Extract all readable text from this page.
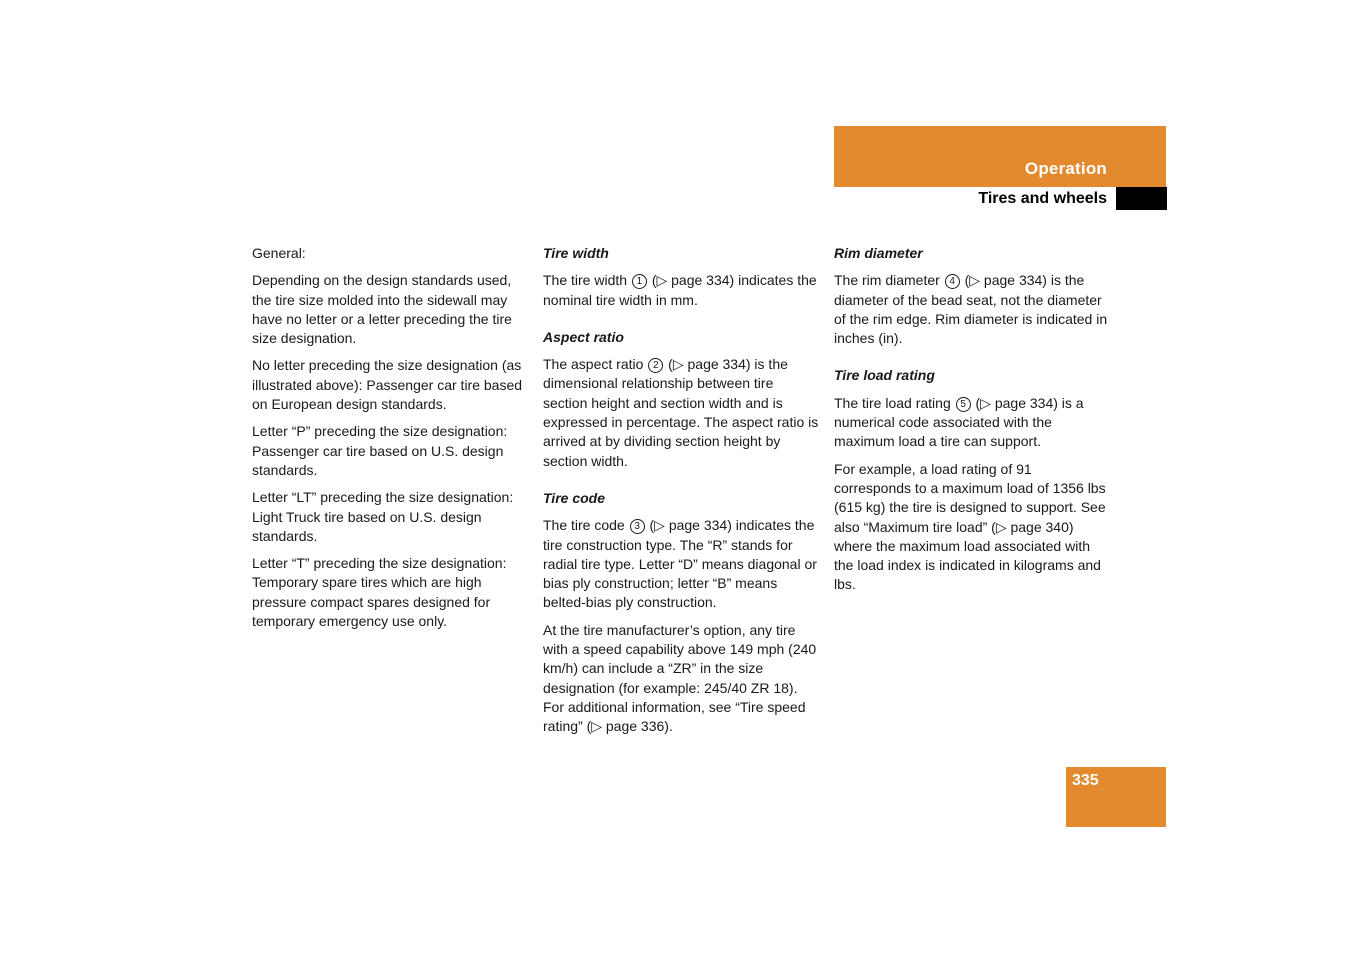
Operation
Tires and wheels

General:

Depending on the design standards used, the tire size molded into the sidewall may have no letter or a letter preceding the tire size designation.

No letter preceding the size designation (as illustrated above): Passenger car tire based on European design standards.

Letter “P” preceding the size designation: Passenger car tire based on U.S. design standards.

Letter “LT” preceding the size designation: Light Truck tire based on U.S. design standards.

Letter “T” preceding the size designation: Temporary spare tires which are high pressure compact spares designed for temporary emergency use only.

Tire width

The tire width 1 (▷ page 334) indicates the nominal tire width in mm.

Aspect ratio

The aspect ratio 2 (▷ page 334) is the dimensional relationship between tire section height and section width and is expressed in percentage. The aspect ratio is arrived at by dividing section height by section width.

Tire code

The tire code 3 (▷ page 334) indicates the tire construction type. The “R” stands for radial tire type. Letter “D” means diagonal or bias ply construction; letter “B” means belted-bias ply construction.

At the tire manufacturer’s option, any tire with a speed capability above 149 mph (240 km/h) can include a “ZR” in the size designation (for example: 245/40 ZR 18). For additional information, see “Tire speed rating” (▷ page 336).

Rim diameter

The rim diameter 4 (▷ page 334) is the diameter of the bead seat, not the diameter of the rim edge. Rim diameter is indicated in inches (in).

Tire load rating

The tire load rating 5 (▷ page 334) is a numerical code associated with the maximum load a tire can support.

For example, a load rating of 91 corresponds to a maximum load of 1356 lbs (615 kg) the tire is designed to support. See also “Maximum tire load” (▷ page 340) where the maximum load associated with the load index is indicated in kilograms and lbs.

335
